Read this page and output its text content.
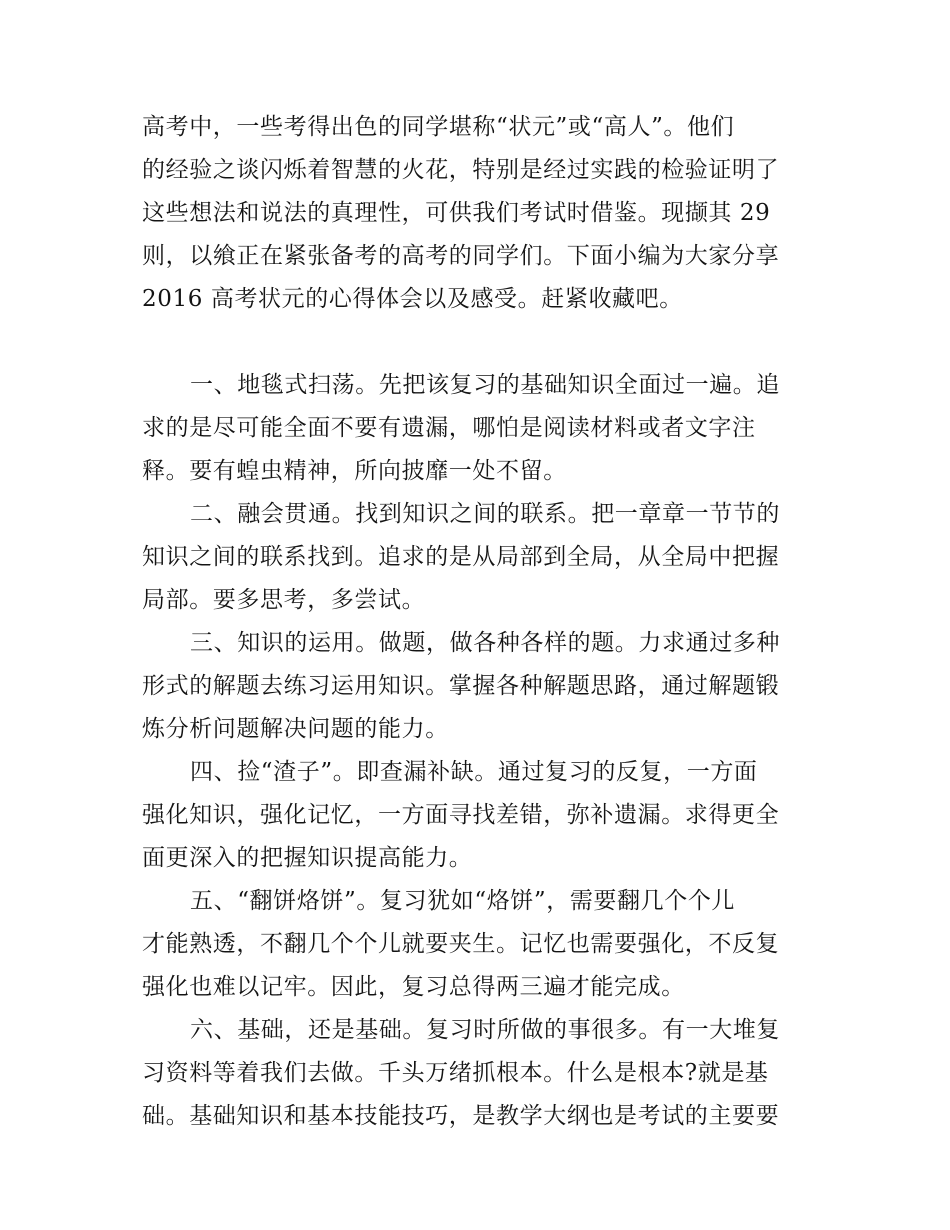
高考中，一些考得出色的同学堪称“状元”或“高人”。他们
的经验之谈闪烁着智慧的火花，特别是经过实践的检验证明了
这些想法和说法的真理性，可供我们考试时借鉴。现撷其 29
则，以飨正在紧张备考的高考的同学们。下面小编为大家分享
2016 高考状元的心得体会以及感受。赶紧收藏吧。
一、地毯式扫荡。先把该复习的基础知识全面过一遍。追
求的是尽可能全面不要有遗漏，哪怕是阅读材料或者文字注
释。要有蝗虫精神，所向披靡一处不留。
二、融会贯通。找到知识之间的联系。把一章章一节节的
知识之间的联系找到。追求的是从局部到全局，从全局中把握
局部。要多思考，多尝试。
三、知识的运用。做题，做各种各样的题。力求通过多种
形式的解题去练习运用知识。掌握各种解题思路，通过解题锻
炼分析问题解决问题的能力。
四、捡“渣子”。即查漏补缺。通过复习的反复，一方面
强化知识，强化记忆，一方面寻找差错，弥补遗漏。求得更全
面更深入的把握知识提高能力。
五、“翻饼烙饼”。复习犹如“烙饼”，需要翻几个个儿
才能熟透，不翻几个个儿就要夹生。记忆也需要强化，不反复
强化也难以记牢。因此，复习总得两三遍才能完成。
六、基础，还是基础。复习时所做的事很多。有一大堆复
习资料等着我们去做。千头万绪抓根本。什么是根本?就是基
础。基础知识和基本技能技巧，是教学大纲也是考试的主要要
